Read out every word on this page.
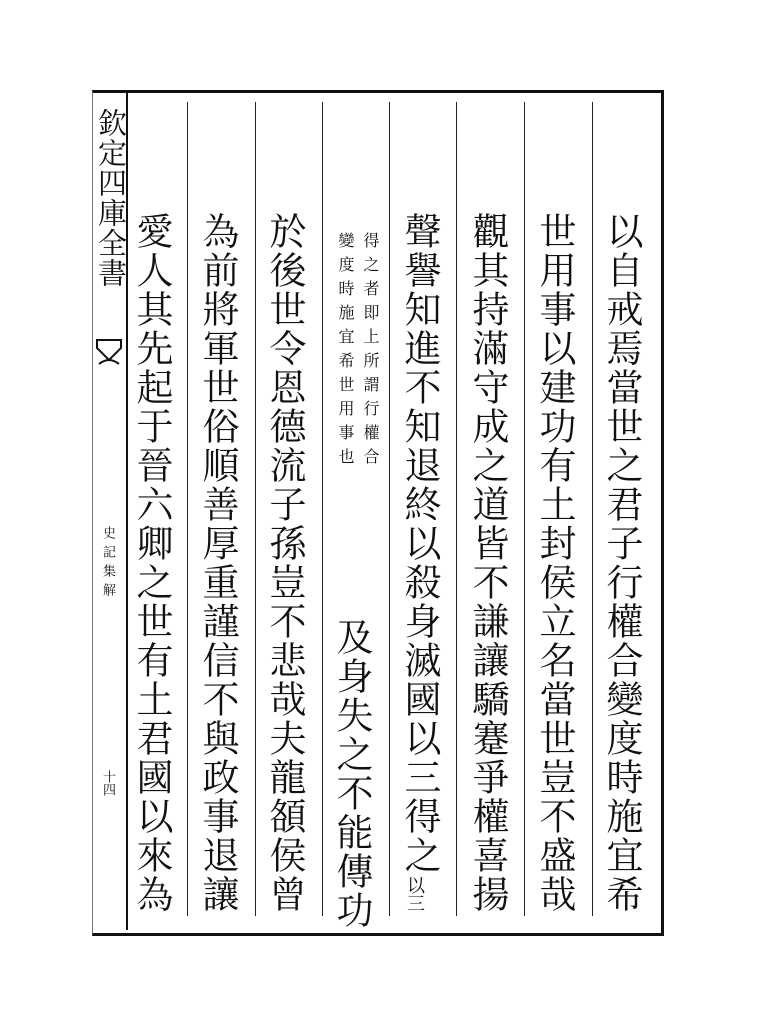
欽定四庫全書
史記集解
十四	以自戒焉當世之君子行權合變度時施宜希
世用事以建功有土封侯立名當世豈不盛哉
觀其持滿守成之道皆不謙讓驕蹇爭權喜揚
聲譽知進不知退終以殺身滅國以三得之
以三
得之者即上所謂行權合
變度時施宜希世用事也
及身失之不能傳功
於後世令恩德流子孫豈不悲哉夫龍頟侯曾
為前將軍世俗順善厚重謹信不與政事退讓
愛人其先起于晉六卿之世有土君國以來為
